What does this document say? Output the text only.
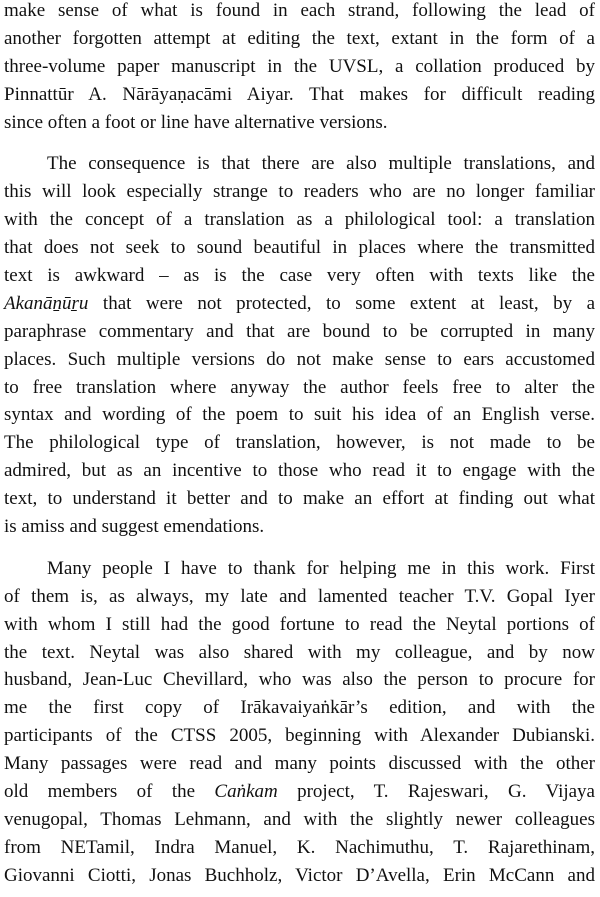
make sense of what is found in each strand, following the lead of
another forgotten attempt at editing the text, extant in the form of a
three-volume paper manuscript in the UVSL, a collation produced by
Pinnattūr A. Nārāyaṇacāmi Aiyar. That makes for difficult reading
since often a foot or line have alternative versions.

The consequence is that there are also multiple translations, and
this will look especially strange to readers who are no longer familiar
with the concept of a translation as a philological tool: a translation
that does not seek to sound beautiful in places where the transmitted
text is awkward – as is the case very often with texts like the
Akanāṉūṟu that were not protected, to some extent at least, by a
paraphrase commentary and that are bound to be corrupted in many
places. Such multiple versions do not make sense to ears accustomed
to free translation where anyway the author feels free to alter the
syntax and wording of the poem to suit his idea of an English verse.
The philological type of translation, however, is not made to be
admired, but as an incentive to those who read it to engage with the
text, to understand it better and to make an effort at finding out what
is amiss and suggest emendations.

Many people I have to thank for helping me in this work. First
of them is, as always, my late and lamented teacher T.V. Gopal Iyer
with whom I still had the good fortune to read the Neytal portions of
the text. Neytal was also shared with my colleague, and by now
husband, Jean-Luc Chevillard, who was also the person to procure for
me the first copy of Irākavaiyaṅkār’s edition, and with the
participants of the CTSS 2005, beginning with Alexander Dubianski.
Many passages were read and many points discussed with the other
old members of the Caṅkam project, T. Rajeswari, G. Vijaya
venugopal, Thomas Lehmann, and with the slightly newer colleagues
from NETamil, Indra Manuel, K. Nachimuthu, T. Rajarethinam,
Giovanni Ciotti, Jonas Buchholz, Victor D’Avella, Erin McCann and
